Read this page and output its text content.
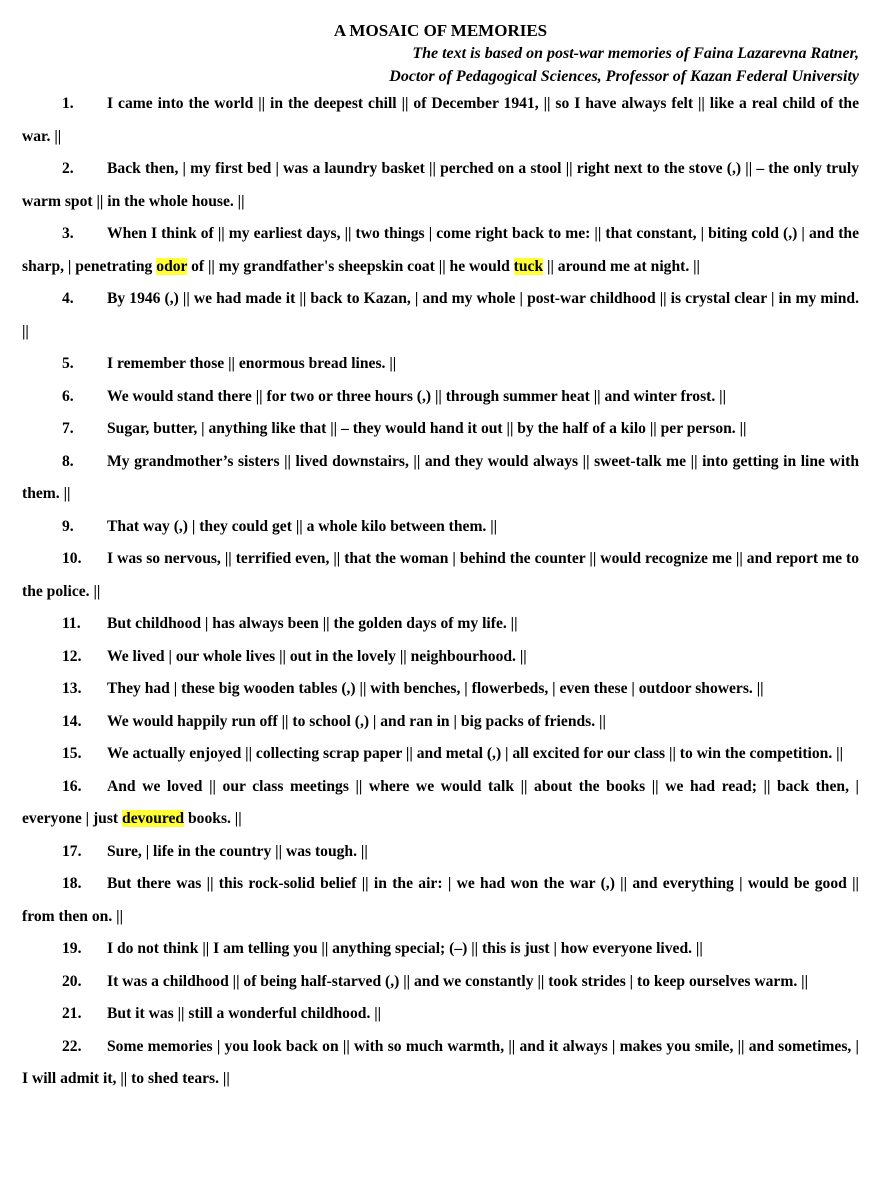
A MOSAIC OF MEMORIES

The text is based on post-war memories of Faina Lazarevna Ratner,

Doctor of Pedagogical Sciences, Professor of Kazan Federal University

1. I came into the world || in the deepest chill || of December 1941, || so I have always felt || like a real child of the war. ||

2. Back then, | my first bed | was a laundry basket || perched on a stool || right next to the stove (,) || – the only truly warm spot || in the whole house. ||

3. When I think of || my earliest days, || two things | come right back to me: || that constant, | biting cold (,) | and the sharp, | penetrating odor of || my grandfather's sheepskin coat || he would tuck || around me at night. ||

4. By 1946 (,) || we had made it || back to Kazan, | and my whole | post-war childhood || is crystal clear | in my mind. ||

5. I remember those || enormous bread lines. ||

6. We would stand there || for two or three hours (,) || through summer heat || and winter frost. ||

7. Sugar, butter, | anything like that || – they would hand it out || by the half of a kilo || per person. ||

8. My grandmother’s sisters || lived downstairs, || and they would always || sweet-talk me || into getting in line with them. ||

9. That way (,) | they could get || a whole kilo between them. ||

10. I was so nervous, || terrified even, || that the woman | behind the counter || would recognize me || and report me to the police. ||

11. But childhood | has always been || the golden days of my life. ||

12. We lived | our whole lives || out in the lovely || neighbourhood. ||

13. They had | these big wooden tables (,) || with benches, | flowerbeds, | even these | outdoor showers. ||

14. We would happily run off || to school (,) | and ran in | big packs of friends. ||

15. We actually enjoyed || collecting scrap paper || and metal (,) | all excited for our class || to win the competition. ||

16. And we loved || our class meetings || where we would talk || about the books || we had read; || back then, | everyone | just devoured books. ||

17. Sure, | life in the country || was tough. ||

18. But there was || this rock-solid belief || in the air: | we had won the war (,) || and everything | would be good || from then on. ||

19. I do not think || I am telling you || anything special; (–) || this is just | how everyone lived. ||

20. It was a childhood || of being half-starved (,) || and we constantly || took strides | to keep ourselves warm. ||

21. But it was || still a wonderful childhood. ||

22. Some memories | you look back on || with so much warmth, || and it always | makes you smile, || and sometimes, | I will admit it, || to shed tears. ||
